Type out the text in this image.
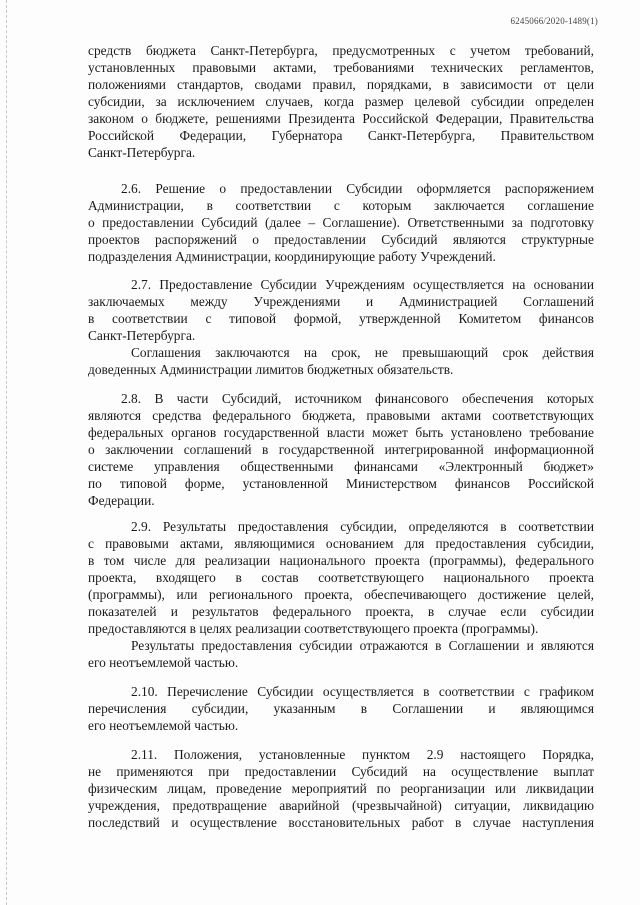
6245066/2020-1489(1)
средств бюджета Санкт-Петербурга, предусмотренных с учетом требований,
установленных правовыми актами, требованиями технических регламентов,
положениями стандартов, сводами правил, порядками, в зависимости от цели
субсидии, за исключением случаев, когда размер целевой субсидии определен
законом о бюджете, решениями Президента Российской Федерации, Правительства
Российской Федерации, Губернатора Санкт-Петербурга, Правительством
Санкт-Петербурга.
2.6. Решение о предоставлении Субсидии оформляется распоряжением
Администрации, в соответствии с которым заключается соглашение
о предоставлении Субсидий (далее – Соглашение). Ответственными за подготовку
проектов распоряжений о предоставлении Субсидий являются структурные
подразделения Администрации, координирующие работу Учреждений.
2.7. Предоставление Субсидии Учреждениям осуществляется на основании
заключаемых между Учреждениями и Администрацией Соглашений
в соответствии с типовой формой, утвержденной Комитетом финансов
Санкт-Петербурга.
Соглашения заключаются на срок, не превышающий срок действия
доведенных Администрации лимитов бюджетных обязательств.
2.8. В части Субсидий, источником финансового обеспечения которых
являются средства федерального бюджета, правовыми актами соответствующих
федеральных органов государственной власти может быть установлено требование
о заключении соглашений в государственной интегрированной информационной
системе управления общественными финансами «Электронный бюджет»
по типовой форме, установленной Министерством финансов Российской
Федерации.
2.9. Результаты предоставления субсидии, определяются в соответствии
с правовыми актами, являющимися основанием для предоставления субсидии,
в том числе для реализации национального проекта (программы), федерального
проекта, входящего в состав соответствующего национального проекта
(программы), или регионального проекта, обеспечивающего достижение целей,
показателей и результатов федерального проекта, в случае если субсидии
предоставляются в целях реализации соответствующего проекта (программы).
Результаты предоставления субсидии отражаются в Соглашении и являются
его неотъемлемой частью.
2.10. Перечисление Субсидии осуществляется в соответствии с графиком
перечисления субсидии, указанным в Соглашении и являющимся
его неотъемлемой частью.
2.11. Положения, установленные пунктом 2.9 настоящего Порядка,
не применяются при предоставлении Субсидий на осуществление выплат
физическим лицам, проведение мероприятий по реорганизации или ликвидации
учреждения, предотвращение аварийной (чрезвычайной) ситуации, ликвидацию
последствий и осуществление восстановительных работ в случае наступления
